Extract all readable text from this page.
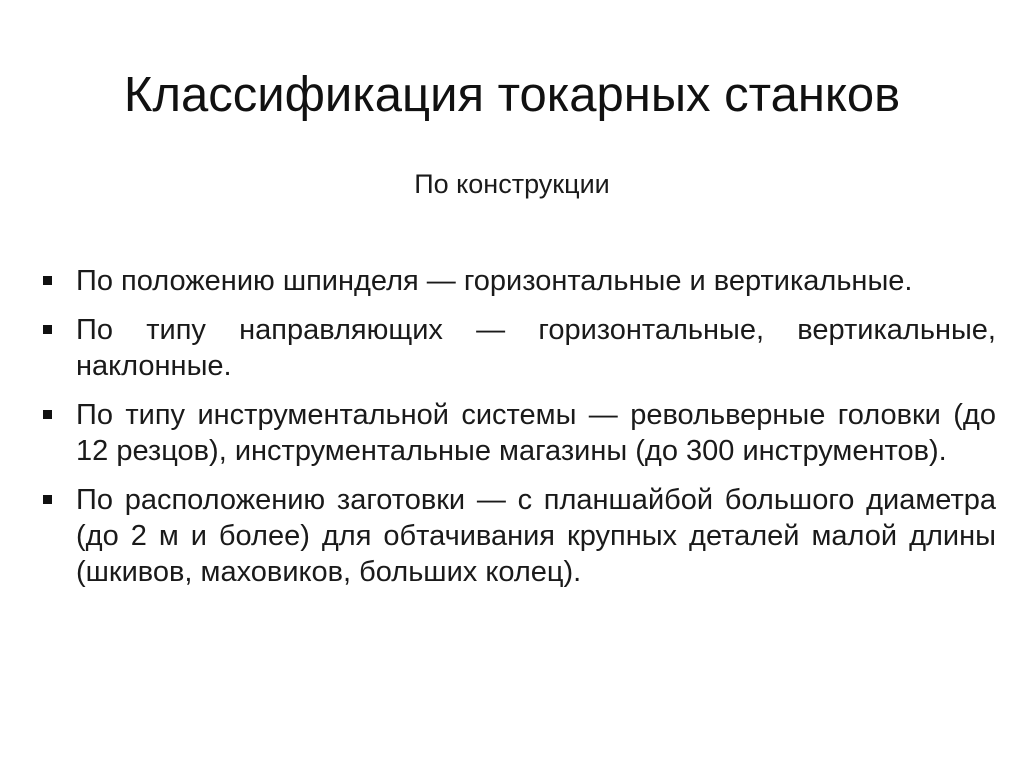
Классификация токарных станков
По конструкции
По положению шпинделя — горизонтальные и вертикальные.
По типу направляющих — горизонтальные, вертикальные, наклонные.
По типу инструментальной системы — револьверные головки (до 12 резцов), инструментальные магазины (до 300 инструментов).
По расположению заготовки — с планшайбой большого диаметра (до 2 м и более) для обтачивания крупных деталей малой длины (шкивов, маховиков, больших колец).
